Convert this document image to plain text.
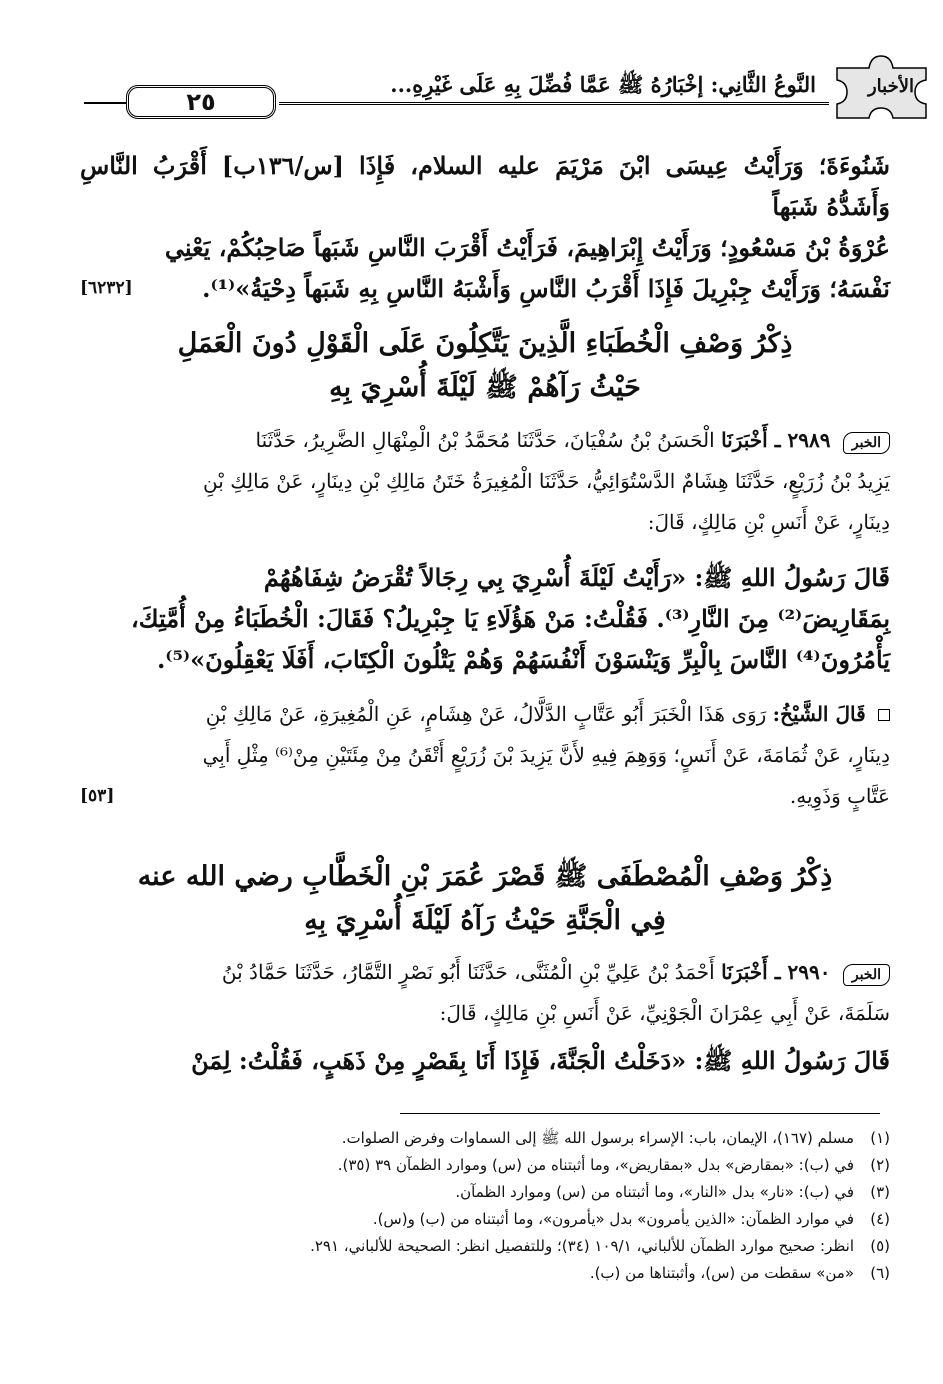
٢٥
النَّوعُ الثَّانِي: إخْبَارُهُ ﷺ عَمَّا فُضِّلَ بِهِ عَلَى غَيْرِهِ...	الأخبار

شَنُوءَةَ؛ وَرَأَيْتُ عِيسَى ابْنَ مَرْيَمَ عليه السلام، فَإِذَا [س/١٣٦ب] أَقْرَبُ النَّاسِ وَأَشَدُّهُ شَبَهاً

عُرْوَةُ بْنُ مَسْعُودٍ؛ وَرَأَيْتُ إِبْرَاهِيمَ، فَرَأَيْتُ أَقْرَبَ النَّاسِ شَبَهاً صَاحِبُكُمْ، يَعْنِي

نَفْسَهُ؛ وَرَأَيْتُ جِبْرِيلَ فَإِذَا أَقْرَبُ النَّاسِ وَأَشْبَهُ النَّاسِ بِهِ شَبَهاً دِحْيَةُ»⁽¹⁾.
[٦٢٣٢]

ذِكْرُ وَصْفِ الْخُطَبَاءِ الَّذِينَ يَتَّكِلُونَ عَلَى الْقَوْلِ دُونَ الْعَمَلِ

حَيْثُ رَآهُمْ ﷺ لَيْلَةَ أُسْرِيَ بِهِ

الخبر ٢٩٨٩ ـ أَخْبَرَنَا الْحَسَنُ بْنُ سُفْيَانَ، حَدَّثَنَا مُحَمَّدُ بْنُ الْمِنْهَالِ الضَّرِيرُ، حَدَّثَنَا

يَزِيدُ بْنُ زُرَيْعٍ، حَدَّثَنَا هِشَامٌ الدَّسْتُوَائِيُّ، حَدَّثَنَا الْمُغِيرَةُ خَتَنُ مَالِكِ بْنِ دِينَارٍ، عَنْ مَالِكِ بْنِ

دِينَارٍ، عَنْ أَنَسِ بْنِ مَالِكٍ، قَالَ:

قَالَ رَسُولُ اللهِ ﷺ: «رَأَيْتُ لَيْلَةَ أُسْرِيَ بِي رِجَالاً تُقْرَضُ شِفَاهُهُمْ

بِمَقَارِيضَ⁽²⁾ مِنَ النَّارِ⁽³⁾. فَقُلْتُ: مَنْ هَؤُلَاءِ يَا جِبْرِيلُ؟ فَقَالَ: الْخُطَبَاءُ مِنْ أُمَّتِكَ،

يَأْمُرُونَ⁽⁴⁾ النَّاسَ بِالْبِرِّ وَيَنْسَوْنَ أَنْفُسَهُمْ وَهُمْ يَتْلُونَ الْكِتَابَ، أَفَلَا يَعْقِلُونَ»⁽⁵⁾.

قَالَ الشَّيْخُ: رَوَى هَذَا الْخَبَرَ أَبُو عَتَّابٍ الدَّلَّالُ، عَنْ هِشَامٍ، عَنِ الْمُغِيرَةِ، عَنْ مَالِكِ بْنِ

دِينَارٍ، عَنْ ثُمَامَةَ، عَنْ أَنَسٍ؛ وَوَهِمَ فِيهِ لأَنَّ يَزِيدَ بْنَ زُرَيْعٍ أَتْقَنُ مِنْ مِئَتَيْنِ مِنْ⁽⁶⁾ مِثْلِ أَبِي

عَتَّابٍ وَذَوِيهِ.
[٥٣]

ذِكْرُ وَصْفِ الْمُصْطَفَى ﷺ قَصْرَ عُمَرَ بْنِ الْخَطَّابِ رضي الله عنه

فِي الْجَنَّةِ حَيْثُ رَآهُ لَيْلَةَ أُسْرِيَ بِهِ

الخبر ٢٩٩٠ ـ أَخْبَرَنَا أَحْمَدُ بْنُ عَلِيِّ بْنِ الْمُثَنَّى، حَدَّثَنَا أَبُو نَصْرٍ التَّمَّارُ، حَدَّثَنَا حَمَّادُ بْنُ

سَلَمَةَ، عَنْ أَبِي عِمْرَانَ الْجَوْنِيِّ، عَنْ أَنَسِ بْنِ مَالِكٍ، قَالَ:

قَالَ رَسُولُ اللهِ ﷺ: «دَخَلْتُ الْجَنَّةَ، فَإِذَا أَنَا بِقَصْرٍ مِنْ ذَهَبٍ، فَقُلْتُ: لِمَنْ

(١)مسلم (١٦٧)، الإيمان، باب: الإسراء برسول الله ﷺ إلى السماوات وفرض الصلوات.

(٢)في (ب): «بمقارض» بدل «بمقاريض»، وما أثبتناه من (س) وموارد الظمآن ٣٩ (٣٥).

(٣)في (ب): «نار» بدل «النار»، وما أثبتناه من (س) وموارد الظمآن.

(٤)في موارد الظمآن: «الذين يأمرون» بدل «يأمرون»، وما أثبتناه من (ب) و(س).

(٥)انظر: صحيح موارد الظمآن للألباني، ١٠٩/١ (٣٤)؛ وللتفصيل انظر: الصحيحة للألباني، ٢٩١.

(٦)«من» سقطت من (س)، وأثبتناها من (ب).
